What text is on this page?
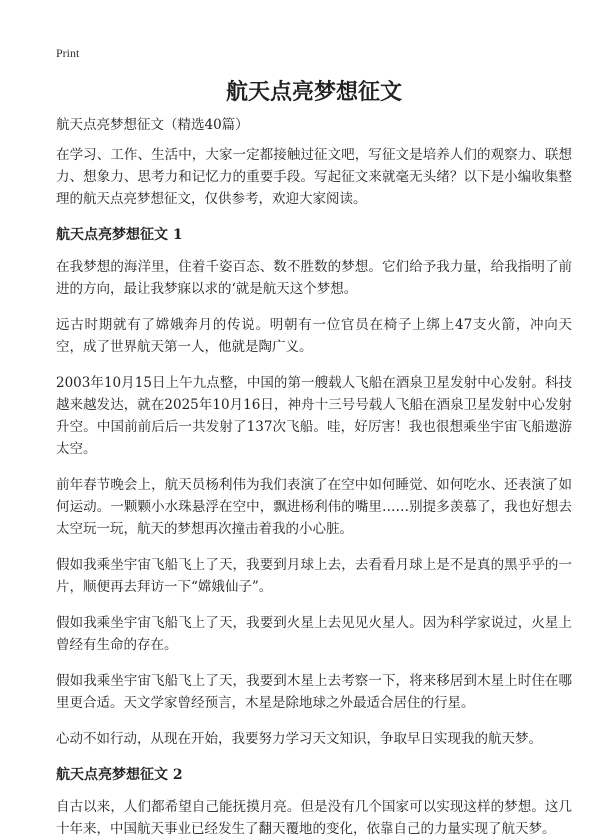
Print
航天点亮梦想征文

航天点亮梦想征文（精选40篇）

在学习、工作、生活中，大家一定都接触过征文吧，写征文是培养人们的观察力、联想力、想象力、思考力和记忆力的重要手段。写起征文来就毫无头绪？以下是小编收集整理的航天点亮梦想征文，仅供参考，欢迎大家阅读。

航天点亮梦想征文 1

在我梦想的海洋里，住着千姿百态、数不胜数的梦想。它们给予我力量，给我指明了前进的方向，最让我梦寐以求的‘就是航天这个梦想。

远古时期就有了嫦娥奔月的传说。明朝有一位官员在椅子上绑上47支火箭，冲向天空，成了世界航天第一人，他就是陶广义。

2003年10月15日上午九点整，中国的第一艘载人飞船在酒泉卫星发射中心发射。科技越来越发达，就在2025年10月16日，神舟十三号号载人飞船在酒泉卫星发射中心发射升空。中国前前后后一共发射了137次飞船。哇，好厉害！我也很想乘坐宇宙飞船遨游太空。

前年春节晚会上，航天员杨利伟为我们表演了在空中如何睡觉、如何吃水、还表演了如何运动。一颗颗小水珠悬浮在空中，飘进杨利伟的嘴里……别提多羡慕了，我也好想去太空玩一玩，航天的梦想再次撞击着我的小心脏。

假如我乘坐宇宙飞船飞上了天，我要到月球上去，去看看月球上是不是真的黑乎乎的一片，顺便再去拜访一下“嫦娥仙子”。

假如我乘坐宇宙飞船飞上了天，我要到火星上去见见火星人。因为科学家说过，火星上曾经有生命的存在。

假如我乘坐宇宙飞船飞上了天，我要到木星上去考察一下，将来移居到木星上时住在哪里更合适。天文学家曾经预言，木星是除地球之外最适合居住的行星。

心动不如行动，从现在开始，我要努力学习天文知识，争取早日实现我的航天梦。

航天点亮梦想征文 2

自古以来，人们都希望自己能抚摸月亮。但是没有几个国家可以实现这样的梦想。这几十年来，中国航天事业已经发生了翻天覆地的变化，依靠自己的力量实现了航天梦。
